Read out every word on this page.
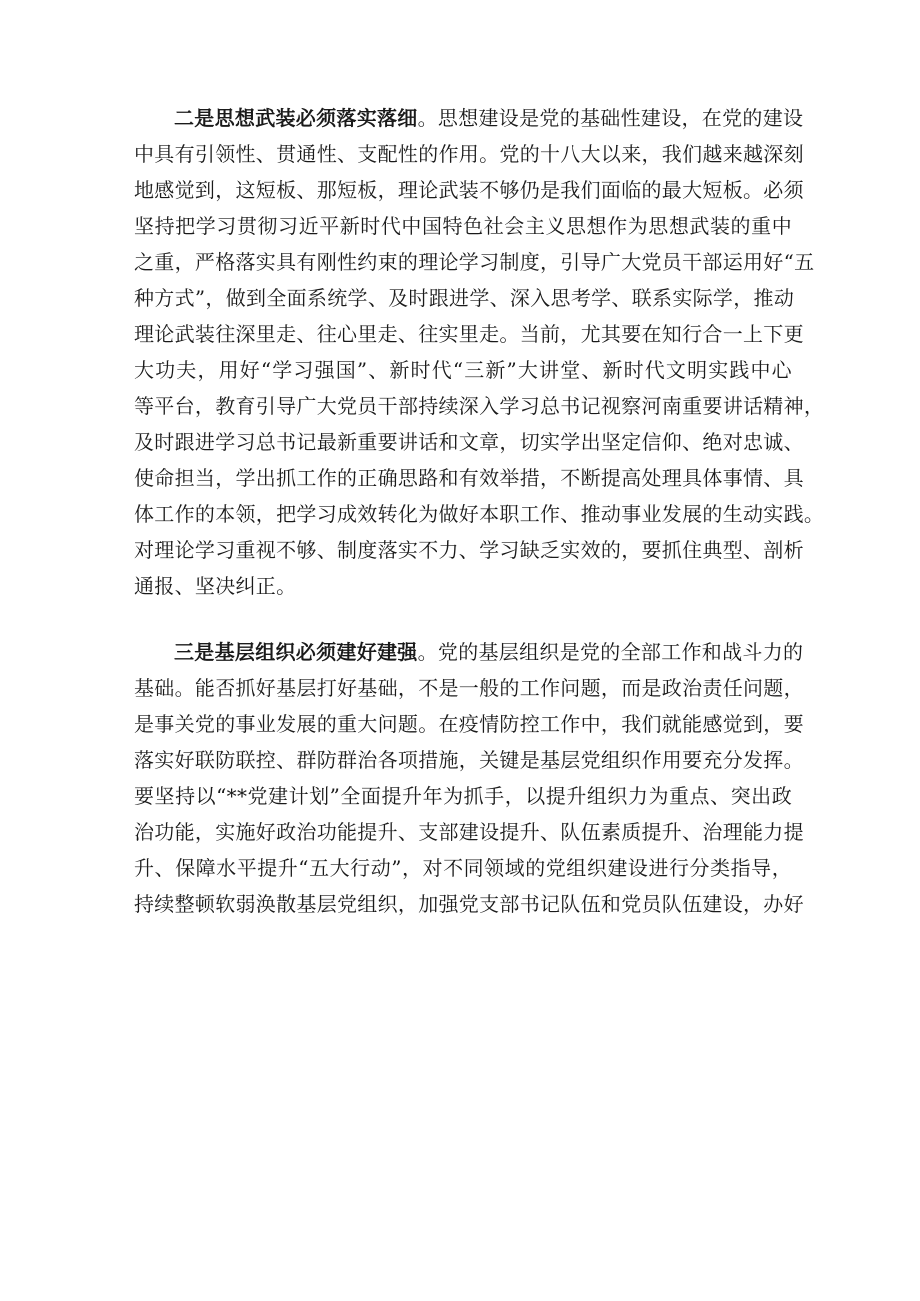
二是思想武装必须落实落细。思想建设是党的基础性建设，在党的建设
中具有引领性、贯通性、支配性的作用。党的十八大以来，我们越来越深刻
地感觉到，这短板、那短板，理论武装不够仍是我们面临的最大短板。必须
坚持把学习贯彻习近平新时代中国特色社会主义思想作为思想武装的重中
之重，严格落实具有刚性约束的理论学习制度，引导广大党员干部运用好“五
种方式”，做到全面系统学、及时跟进学、深入思考学、联系实际学，推动
理论武装往深里走、往心里走、往实里走。当前，尤其要在知行合一上下更
大功夫，用好“学习强国”、新时代“三新”大讲堂、新时代文明实践中心
等平台，教育引导广大党员干部持续深入学习总书记视察河南重要讲话精神，
及时跟进学习总书记最新重要讲话和文章，切实学出坚定信仰、绝对忠诚、
使命担当，学出抓工作的正确思路和有效举措，不断提高处理具体事情、具
体工作的本领，把学习成效转化为做好本职工作、推动事业发展的生动实践。
对理论学习重视不够、制度落实不力、学习缺乏实效的，要抓住典型、剖析
通报、坚决纠正。

三是基层组织必须建好建强。党的基层组织是党的全部工作和战斗力的
基础。能否抓好基层打好基础，不是一般的工作问题，而是政治责任问题，
是事关党的事业发展的重大问题。在疫情防控工作中，我们就能感觉到，要
落实好联防联控、群防群治各项措施，关键是基层党组织作用要充分发挥。
要坚持以“**党建计划”全面提升年为抓手，以提升组织力为重点、突出政
治功能，实施好政治功能提升、支部建设提升、队伍素质提升、治理能力提
升、保障水平提升“五大行动”，对不同领域的党组织建设进行分类指导，
持续整顿软弱涣散基层党组织，加强党支部书记队伍和党员队伍建设，办好
